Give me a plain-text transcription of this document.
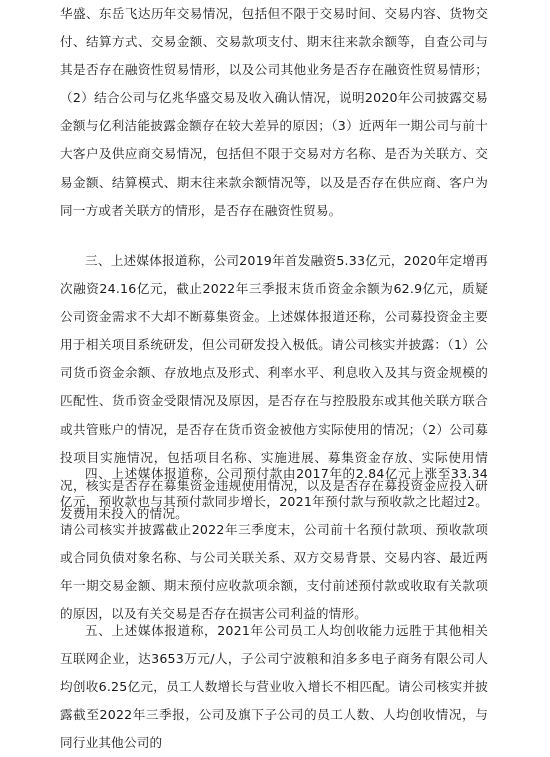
华盛、东岳飞达历年交易情况，包括但不限于交易时间、交易内容、货物交付、结算方式、交易金额、交易款项支付、期末往来款余额等，自查公司与其是否存在融资性贸易情形，以及公司其他业务是否存在融资性贸易情形；（2）结合公司与亿兆华盛交易及收入确认情况，说明2020年公司披露交易金额与亿利洁能披露金额存在较大差异的原因；（3）近两年一期公司与前十大客户及供应商交易情况，包括但不限于交易对方名称、是否为关联方、交易金额、结算模式、期末往来款余额情况等，以及是否存在供应商、客户为同一方或者关联方的情形，是否存在融资性贸易。

三、上述媒体报道称，公司2019年首发融资5.33亿元，2020年定增再次融资24.16亿元，截止2022年三季报末货币资金余额为62.9亿元，质疑公司资金需求不大却不断募集资金。上述媒体报道还称，公司募投资金主要用于相关项目系统研发，但公司研发投入极低。请公司核实并披露：（1）公司货币资金余额、存放地点及形式、利率水平、利息收入及其与资金规模的匹配性、货币资金受限情况及原因，是否存在与控股股东或其他关联方联合或共管账户的情况，是否存在货币资金被他方实际使用的情况；（2）公司募投项目实施情况，包括项目名称、实施进展、募集资金存放、实际使用情况，核实是否存在募集资金违规使用情况，以及是否存在募投资金应投入研发费用未投入的情况。

四、上述媒体报道称，公司预付款由2017年的2.84亿元上涨至33.34亿元，预收款也与其预付款同步增长，2021年预付款与预收款之比超过2。请公司核实并披露截止2022年三季度末，公司前十名预付款项、预收款项或合同负债对象名称、与公司关联关系、双方交易背景、交易内容、最近两年一期交易金额、期末预付应收款项余额，支付前述预付款或收取有关款项的原因，以及有关交易是否存在损害公司利益的情形。

五、上述媒体报道称，2021年公司员工人均创收能力远胜于其他相关互联网企业，达3653万元/人，子公司宁波粮和洎多多电子商务有限公司人均创收6.25亿元，员工人数增长与营业收入增长不相匹配。请公司核实并披露截至2022年三季报，公司及旗下子公司的员工人数、人均创收情况，与同行业其他公司的
